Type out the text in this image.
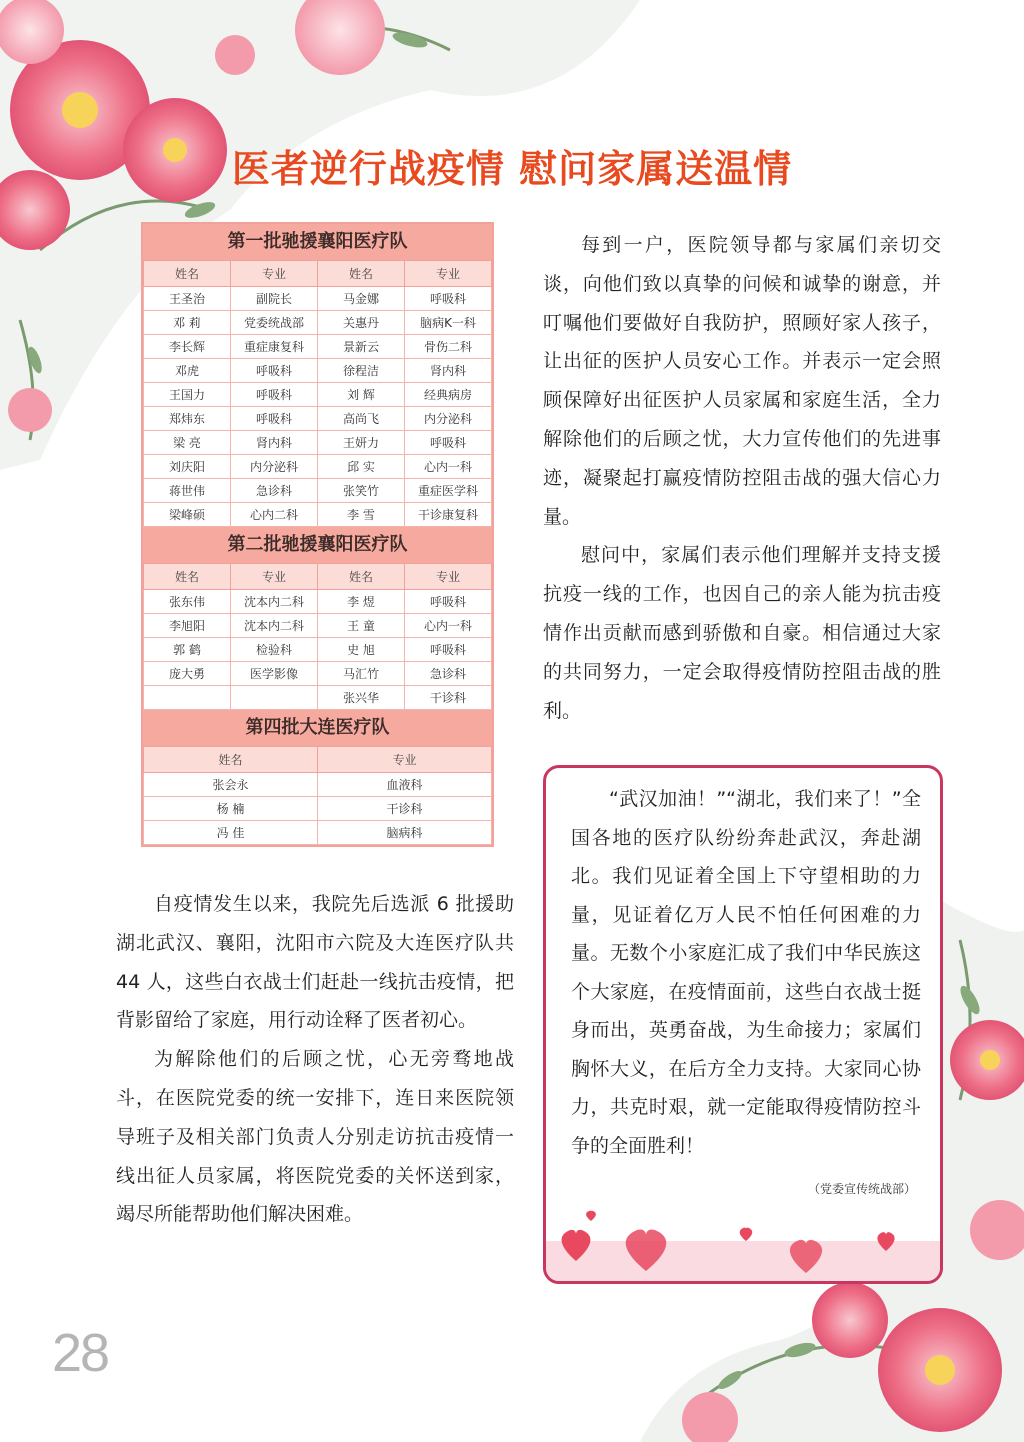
医者逆行战疫情 慰问家属送温情
第一批驰援襄阳医疗队
姓名	专业	姓名	专业
王圣治	副院长	马金娜	呼吸科
邓 莉	党委统战部	关惠丹	脑病K一科
李长辉	重症康复科	景新云	骨伤二科
邓虎	呼吸科	徐程洁	肾内科
王国力	呼吸科	刘 辉	经典病房
郑炜东	呼吸科	高尚飞	内分泌科
梁 亮	肾内科	王妍力	呼吸科
刘庆阳	内分泌科	邱 实	心内一科
蒋世伟	急诊科	张笑竹	重症医学科
梁峰硕	心内二科	李 雪	干诊康复科
第二批驰援襄阳医疗队
姓名	专业	姓名	专业
张东伟	沈本内二科	李 煜	呼吸科
李旭阳	沈本内二科	王 童	心内一科
郭 鹤	检验科	史 旭	呼吸科
庞大勇	医学影像	马汇竹	急诊科
		张兴华	干诊科
第四批大连医疗队
姓名	专业
张会永	血液科
杨 楠	干诊科
冯 佳	脑病科

自疫情发生以来，我院先后选派 6 批援助湖北武汉、襄阳，沈阳市六院及大连医疗队共 44 人，这些白衣战士们赶赴一线抗击疫情，把背影留给了家庭，用行动诠释了医者初心。

为解除他们的后顾之忧，心无旁骛地战斗，在医院党委的统一安排下，连日来医院领导班子及相关部门负责人分别走访抗击疫情一线出征人员家属，将医院党委的关怀送到家，竭尽所能帮助他们解决困难。

每到一户，医院领导都与家属们亲切交谈，向他们致以真挚的问候和诚挚的谢意，并叮嘱他们要做好自我防护，照顾好家人孩子，让出征的医护人员安心工作。并表示一定会照顾保障好出征医护人员家属和家庭生活，全力解除他们的后顾之忧，大力宣传他们的先进事迹，凝聚起打赢疫情防控阻击战的强大信心力量。

慰问中，家属们表示他们理解并支持支援抗疫一线的工作，也因自己的亲人能为抗击疫情作出贡献而感到骄傲和自豪。相信通过大家的共同努力，一定会取得疫情防控阻击战的胜利。

“武汉加油！”“湖北，我们来了！”全国各地的医疗队纷纷奔赴武汉，奔赴湖北。我们见证着全国上下守望相助的力量，见证着亿万人民不怕任何困难的力量。无数个小家庭汇成了我们中华民族这个大家庭，在疫情面前，这些白衣战士挺身而出，英勇奋战，为生命接力；家属们胸怀大义，在后方全力支持。大家同心协力，共克时艰，就一定能取得疫情防控斗争的全面胜利！

（党委宣传统战部）
28
